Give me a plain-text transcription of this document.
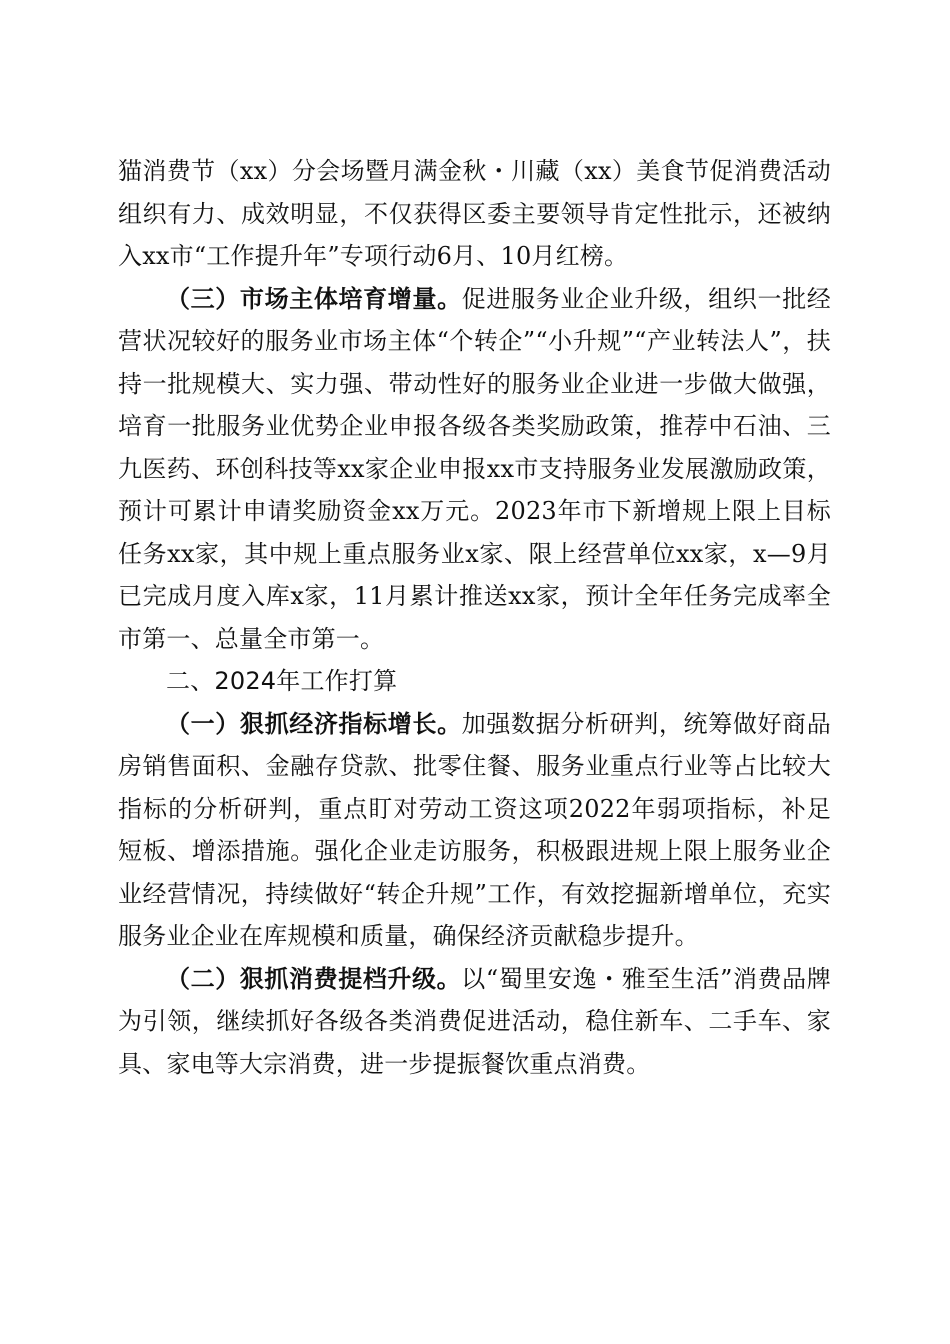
猫消费节（xx）分会场暨月满金秋・川藏（xx）美食节促消费活动组织有力、成效明显，不仅获得区委主要领导肯定性批示，还被纳入xx市“工作提升年”专项行动6月、10月红榜。

（三）市场主体培育增量。促进服务业企业升级，组织一批经营状况较好的服务业市场主体“个转企”“小升规”“产业转法人”，扶持一批规模大、实力强、带动性好的服务业企业进一步做大做强，培育一批服务业优势企业申报各级各类奖励政策，推荐中石油、三九医药、环创科技等xx家企业申报xx市支持服务业发展激励政策，预计可累计申请奖励资金xx万元。2023年市下新增规上限上目标任务xx家，其中规上重点服务业x家、限上经营单位xx家，x—9月已完成月度入库x家，11月累计推送xx家，预计全年任务完成率全市第一、总量全市第一。

二、2024年工作打算

（一）狠抓经济指标增长。加强数据分析研判，统筹做好商品房销售面积、金融存贷款、批零住餐、服务业重点行业等占比较大指标的分析研判，重点盯对劳动工资这项2022年弱项指标，补足短板、增添措施。强化企业走访服务，积极跟进规上限上服务业企业经营情况，持续做好“转企升规”工作，有效挖掘新增单位，充实服务业企业在库规模和质量，确保经济贡献稳步提升。

（二）狠抓消费提档升级。以“蜀里安逸・雅至生活”消费品牌为引领，继续抓好各级各类消费促进活动，稳住新车、二手车、家具、家电等大宗消费，进一步提振餐饮重点消费。
